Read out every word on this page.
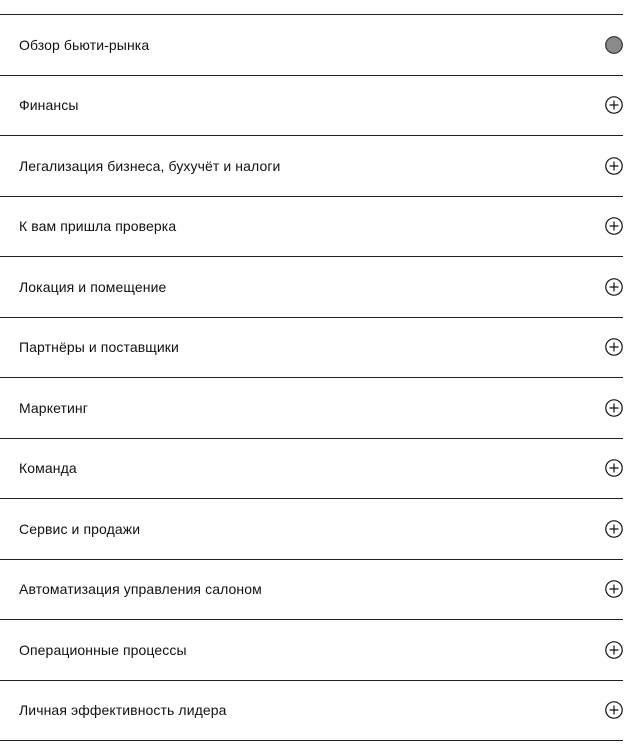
Обзор бьюти-рынка
Финансы
Легализация бизнеса, бухучёт и налоги
К вам пришла проверка
Локация и помещение
Партнёры и поставщики
Маркетинг
Команда
Сервис и продажи
Автоматизация управления салоном
Операционные процессы
Личная эффективность лидера
